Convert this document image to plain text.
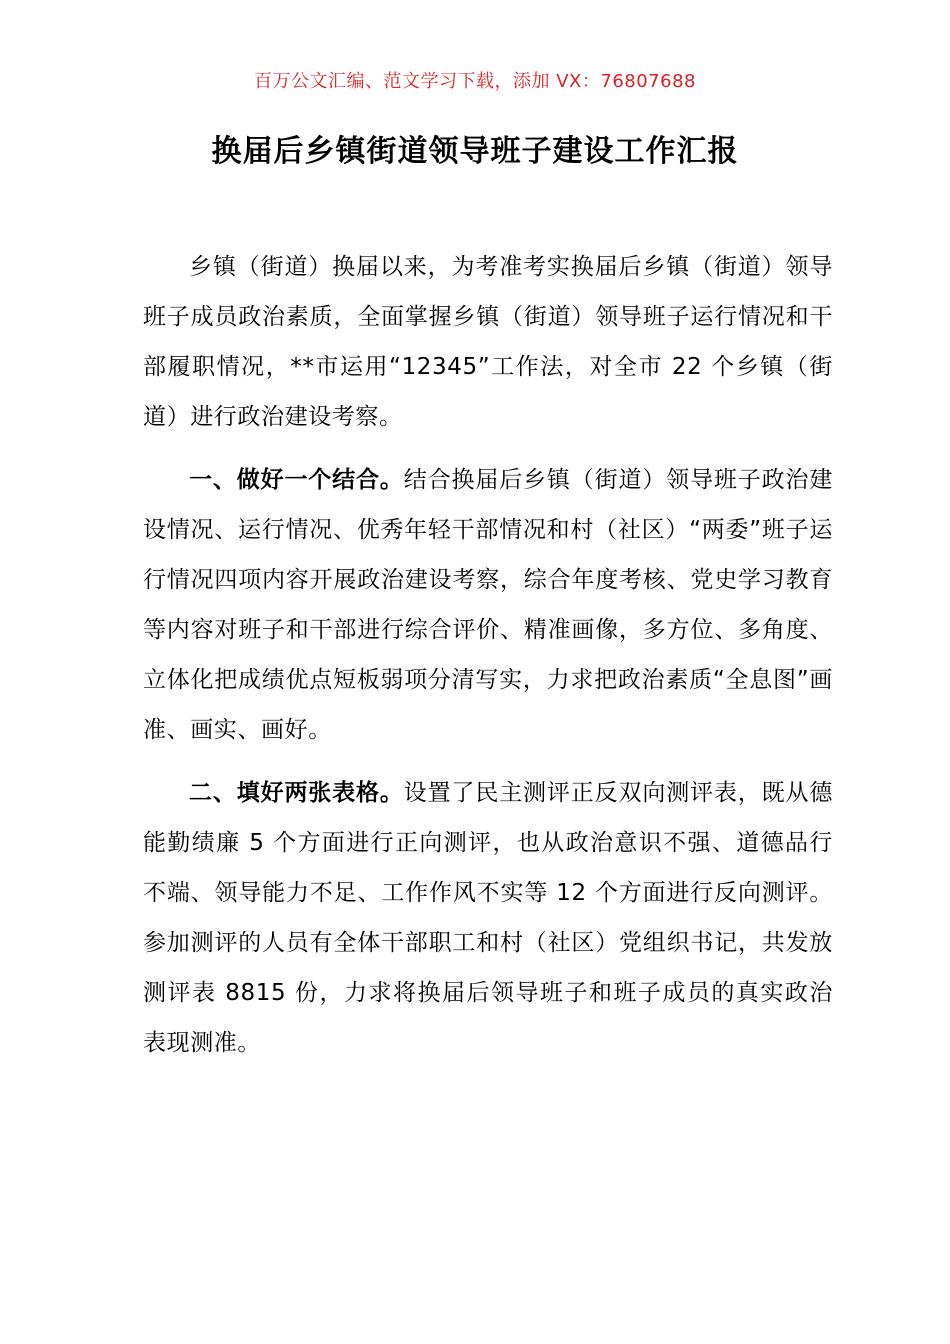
百万公文汇编、范文学习下载，添加 VX：76807688
换届后乡镇街道领导班子建设工作汇报

乡镇（街道）换届以来，为考准考实换届后乡镇（街道）领导班子成员政治素质，全面掌握乡镇（街道）领导班子运行情况和干部履职情况，**市运用“12345”工作法，对全市 22 个乡镇（街道）进行政治建设考察。

一、做好一个结合。结合换届后乡镇（街道）领导班子政治建设情况、运行情况、优秀年轻干部情况和村（社区）“两委”班子运行情况四项内容开展政治建设考察，综合年度考核、党史学习教育等内容对班子和干部进行综合评价、精准画像，多方位、多角度、立体化把成绩优点短板弱项分清写实，力求把政治素质“全息图”画准、画实、画好。

二、填好两张表格。设置了民主测评正反双向测评表，既从德能勤绩廉 5 个方面进行正向测评，也从政治意识不强、道德品行不端、领导能力不足、工作作风不实等 12 个方面进行反向测评。参加测评的人员有全体干部职工和村（社区）党组织书记，共发放测评表 8815 份，力求将换届后领导班子和班子成员的真实政治表现测准。
